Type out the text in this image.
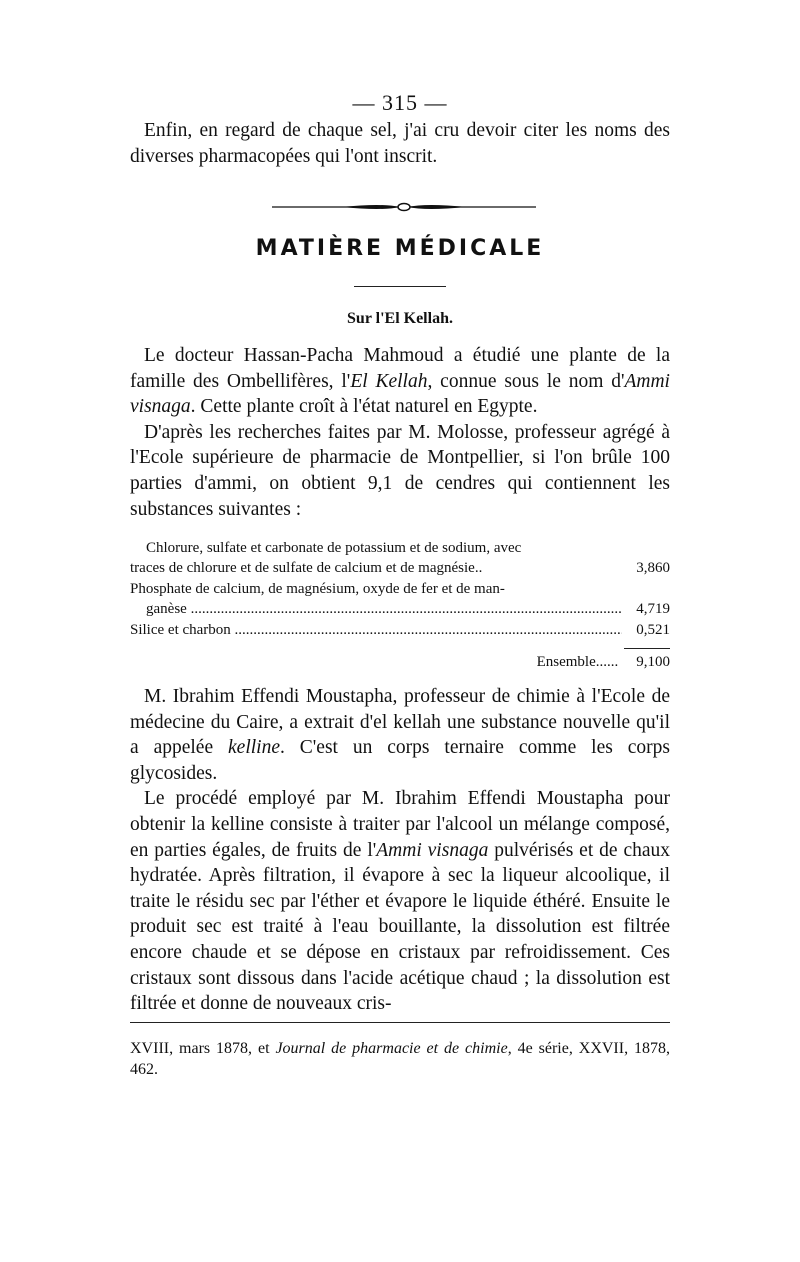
— 315 —

Enfin, en regard de chaque sel, j'ai cru devoir citer les noms des diverses pharmacopées qui l'ont inscrit.

MATIÈRE MÉDICALE
Sur l'El Kellah.

Le docteur Hassan-Pacha Mahmoud a étudié une plante de la famille des Ombellifères, l'El Kellah, connue sous le nom d'Ammi visnaga. Cette plante croît à l'état naturel en Egypte.

D'après les recherches faites par M. Molosse, professeur agrégé à l'Ecole supérieure de pharmacie de Montpellier, si l'on brûle 100 parties d'ammi, on obtient 9,1 de cendres qui contiennent les substances suivantes :

Chlorure, sulfate et carbonate de potassium et de sodium, avec
traces de chlorure et de sulfate de calcium et de magnésie..	3,860
Phosphate de calcium, de magnésium, oxyde de fer et de man-
ganèse .....	4,719
Silice et charbon .....	0,521
Ensemble...... 9,100

M. Ibrahim Effendi Moustapha, professeur de chimie à l'Ecole de médecine du Caire, a extrait d'el kellah une substance nouvelle qu'il a appelée kelline. C'est un corps ternaire comme les corps glycosides.

Le procédé employé par M. Ibrahim Effendi Moustapha pour obtenir la kelline consiste à traiter par l'alcool un mélange composé, en parties égales, de fruits de l'Ammi visnaga pulvérisés et de chaux hydratée. Après filtration, il évapore à sec la liqueur alcoolique, il traite le résidu sec par l'éther et évapore le liquide éthéré. Ensuite le produit sec est traité à l'eau bouillante, la dissolution est filtrée encore chaude et se dépose en cristaux par refroidissement. Ces cristaux sont dissous dans l'acide acétique chaud ; la dissolution est filtrée et donne de nouveaux cris-

XVIII, mars 1878, et Journal de pharmacie et de chimie, 4e série, XXVII, 1878, 462.
